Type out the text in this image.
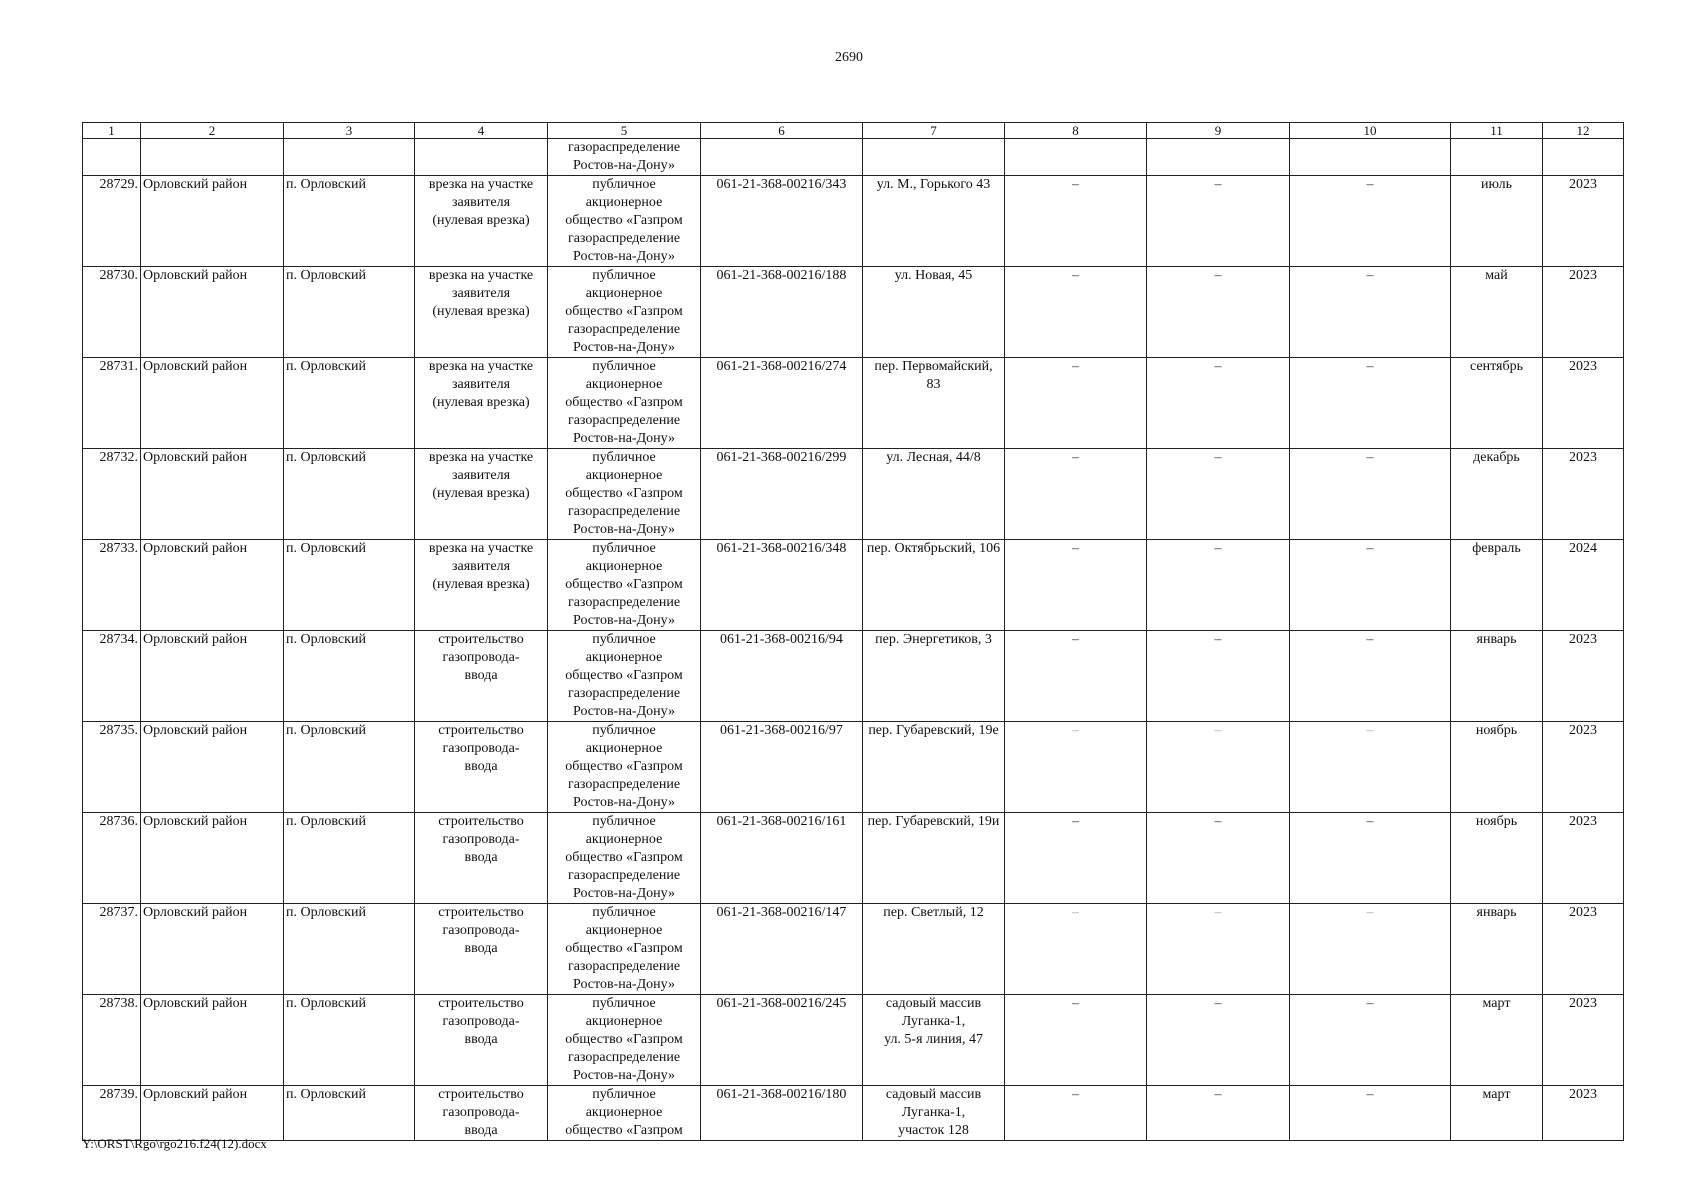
2690
1	2	3	4	5	6	7	8	9	10	11	12
				газораспределение
Ростов-на-Дону»							
28729.	Орловский район	п. Орловский	врезка на участке
заявителя
(нулевая врезка)	публичное
акционерное
общество «Газпром
газораспределение
Ростов-на-Дону»	061-21-368-00216/343	ул. М., Горького 43	–	–	–	июль	2023
28730.	Орловский район	п. Орловский	врезка на участке
заявителя
(нулевая врезка)	публичное
акционерное
общество «Газпром
газораспределение
Ростов-на-Дону»	061-21-368-00216/188	ул. Новая, 45	–	–	–	май	2023
28731.	Орловский район	п. Орловский	врезка на участке
заявителя
(нулевая врезка)	публичное
акционерное
общество «Газпром
газораспределение
Ростов-на-Дону»	061-21-368-00216/274	пер. Первомайский,
83	–	–	–	сентябрь	2023
28732.	Орловский район	п. Орловский	врезка на участке
заявителя
(нулевая врезка)	публичное
акционерное
общество «Газпром
газораспределение
Ростов-на-Дону»	061-21-368-00216/299	ул. Лесная, 44/8	–	–	–	декабрь	2023
28733.	Орловский район	п. Орловский	врезка на участке
заявителя
(нулевая врезка)	публичное
акционерное
общество «Газпром
газораспределение
Ростов-на-Дону»	061-21-368-00216/348	пер. Октябрьский, 106	–	–	–	февраль	2024
28734.	Орловский район	п. Орловский	строительство
газопровода-
ввода	публичное
акционерное
общество «Газпром
газораспределение
Ростов-на-Дону»	061-21-368-00216/94	пер. Энергетиков, 3	–	–	–	январь	2023
28735.	Орловский район	п. Орловский	строительство
газопровода-
ввода	публичное
акционерное
общество «Газпром
газораспределение
Ростов-на-Дону»	061-21-368-00216/97	пер. Губаревский, 19е	–	–	–	ноябрь	2023
28736.	Орловский район	п. Орловский	строительство
газопровода-
ввода	публичное
акционерное
общество «Газпром
газораспределение
Ростов-на-Дону»	061-21-368-00216/161	пер. Губаревский, 19и	–	–	–	ноябрь	2023
28737.	Орловский район	п. Орловский	строительство
газопровода-
ввода	публичное
акционерное
общество «Газпром
газораспределение
Ростов-на-Дону»	061-21-368-00216/147	пер. Светлый, 12	–	–	–	январь	2023
28738.	Орловский район	п. Орловский	строительство
газопровода-
ввода	публичное
акционерное
общество «Газпром
газораспределение
Ростов-на-Дону»	061-21-368-00216/245	садовый массив
Луганка-1,
ул. 5-я линия, 47	–	–	–	март	2023
28739.	Орловский район	п. Орловский	строительство
газопровода-
ввода	публичное
акционерное
общество «Газпром	061-21-368-00216/180	садовый массив
Луганка-1,
участок 128	–	–	–	март	2023
Y:\ORST\Rgo\rgo216.f24(12).docx
